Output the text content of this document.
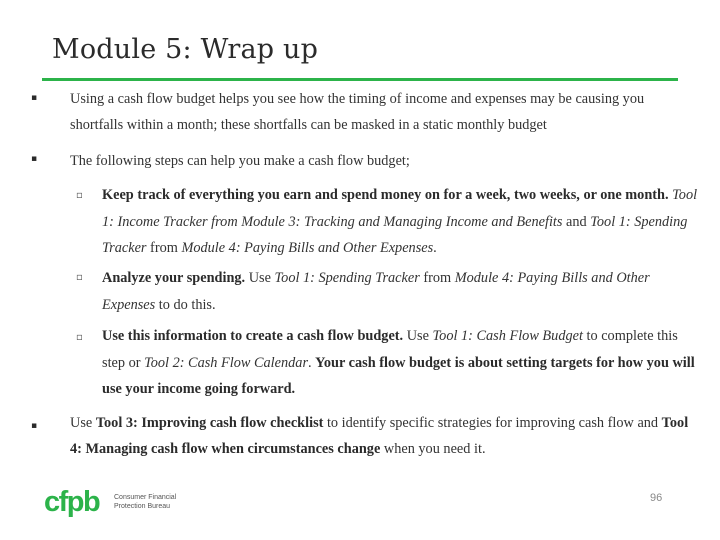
Module 5: Wrap up
▪

Using a cash flow budget helps you see how the timing of income and expenses may be causing you shortfalls within a month; these shortfalls can be masked in a static monthly budget

▪

The following steps can help you make a cash flow budget;

▫

Keep track of everything you earn and spend money on for a week, two weeks, or one month. Tool 1: Income Tracker from Module 3: Tracking and Managing Income and Benefits and Tool 1: Spending Tracker from Module 4: Paying Bills and Other Expenses.

▫

Analyze your spending. Use Tool 1: Spending Tracker from Module 4: Paying Bills and Other Expenses to do this.

▫

Use this information to create a cash flow budget. Use Tool 1: Cash Flow Budget to complete this step or Tool 2: Cash Flow Calendar. Your cash flow budget is about setting targets for how you will use your income going forward.

▪

Use Tool 3: Improving cash flow checklist to identify specific strategies for improving cash flow and Tool 4: Managing cash flow when circumstances change when you need it.

cfpb Consumer Financial
Protection Bureau
96
